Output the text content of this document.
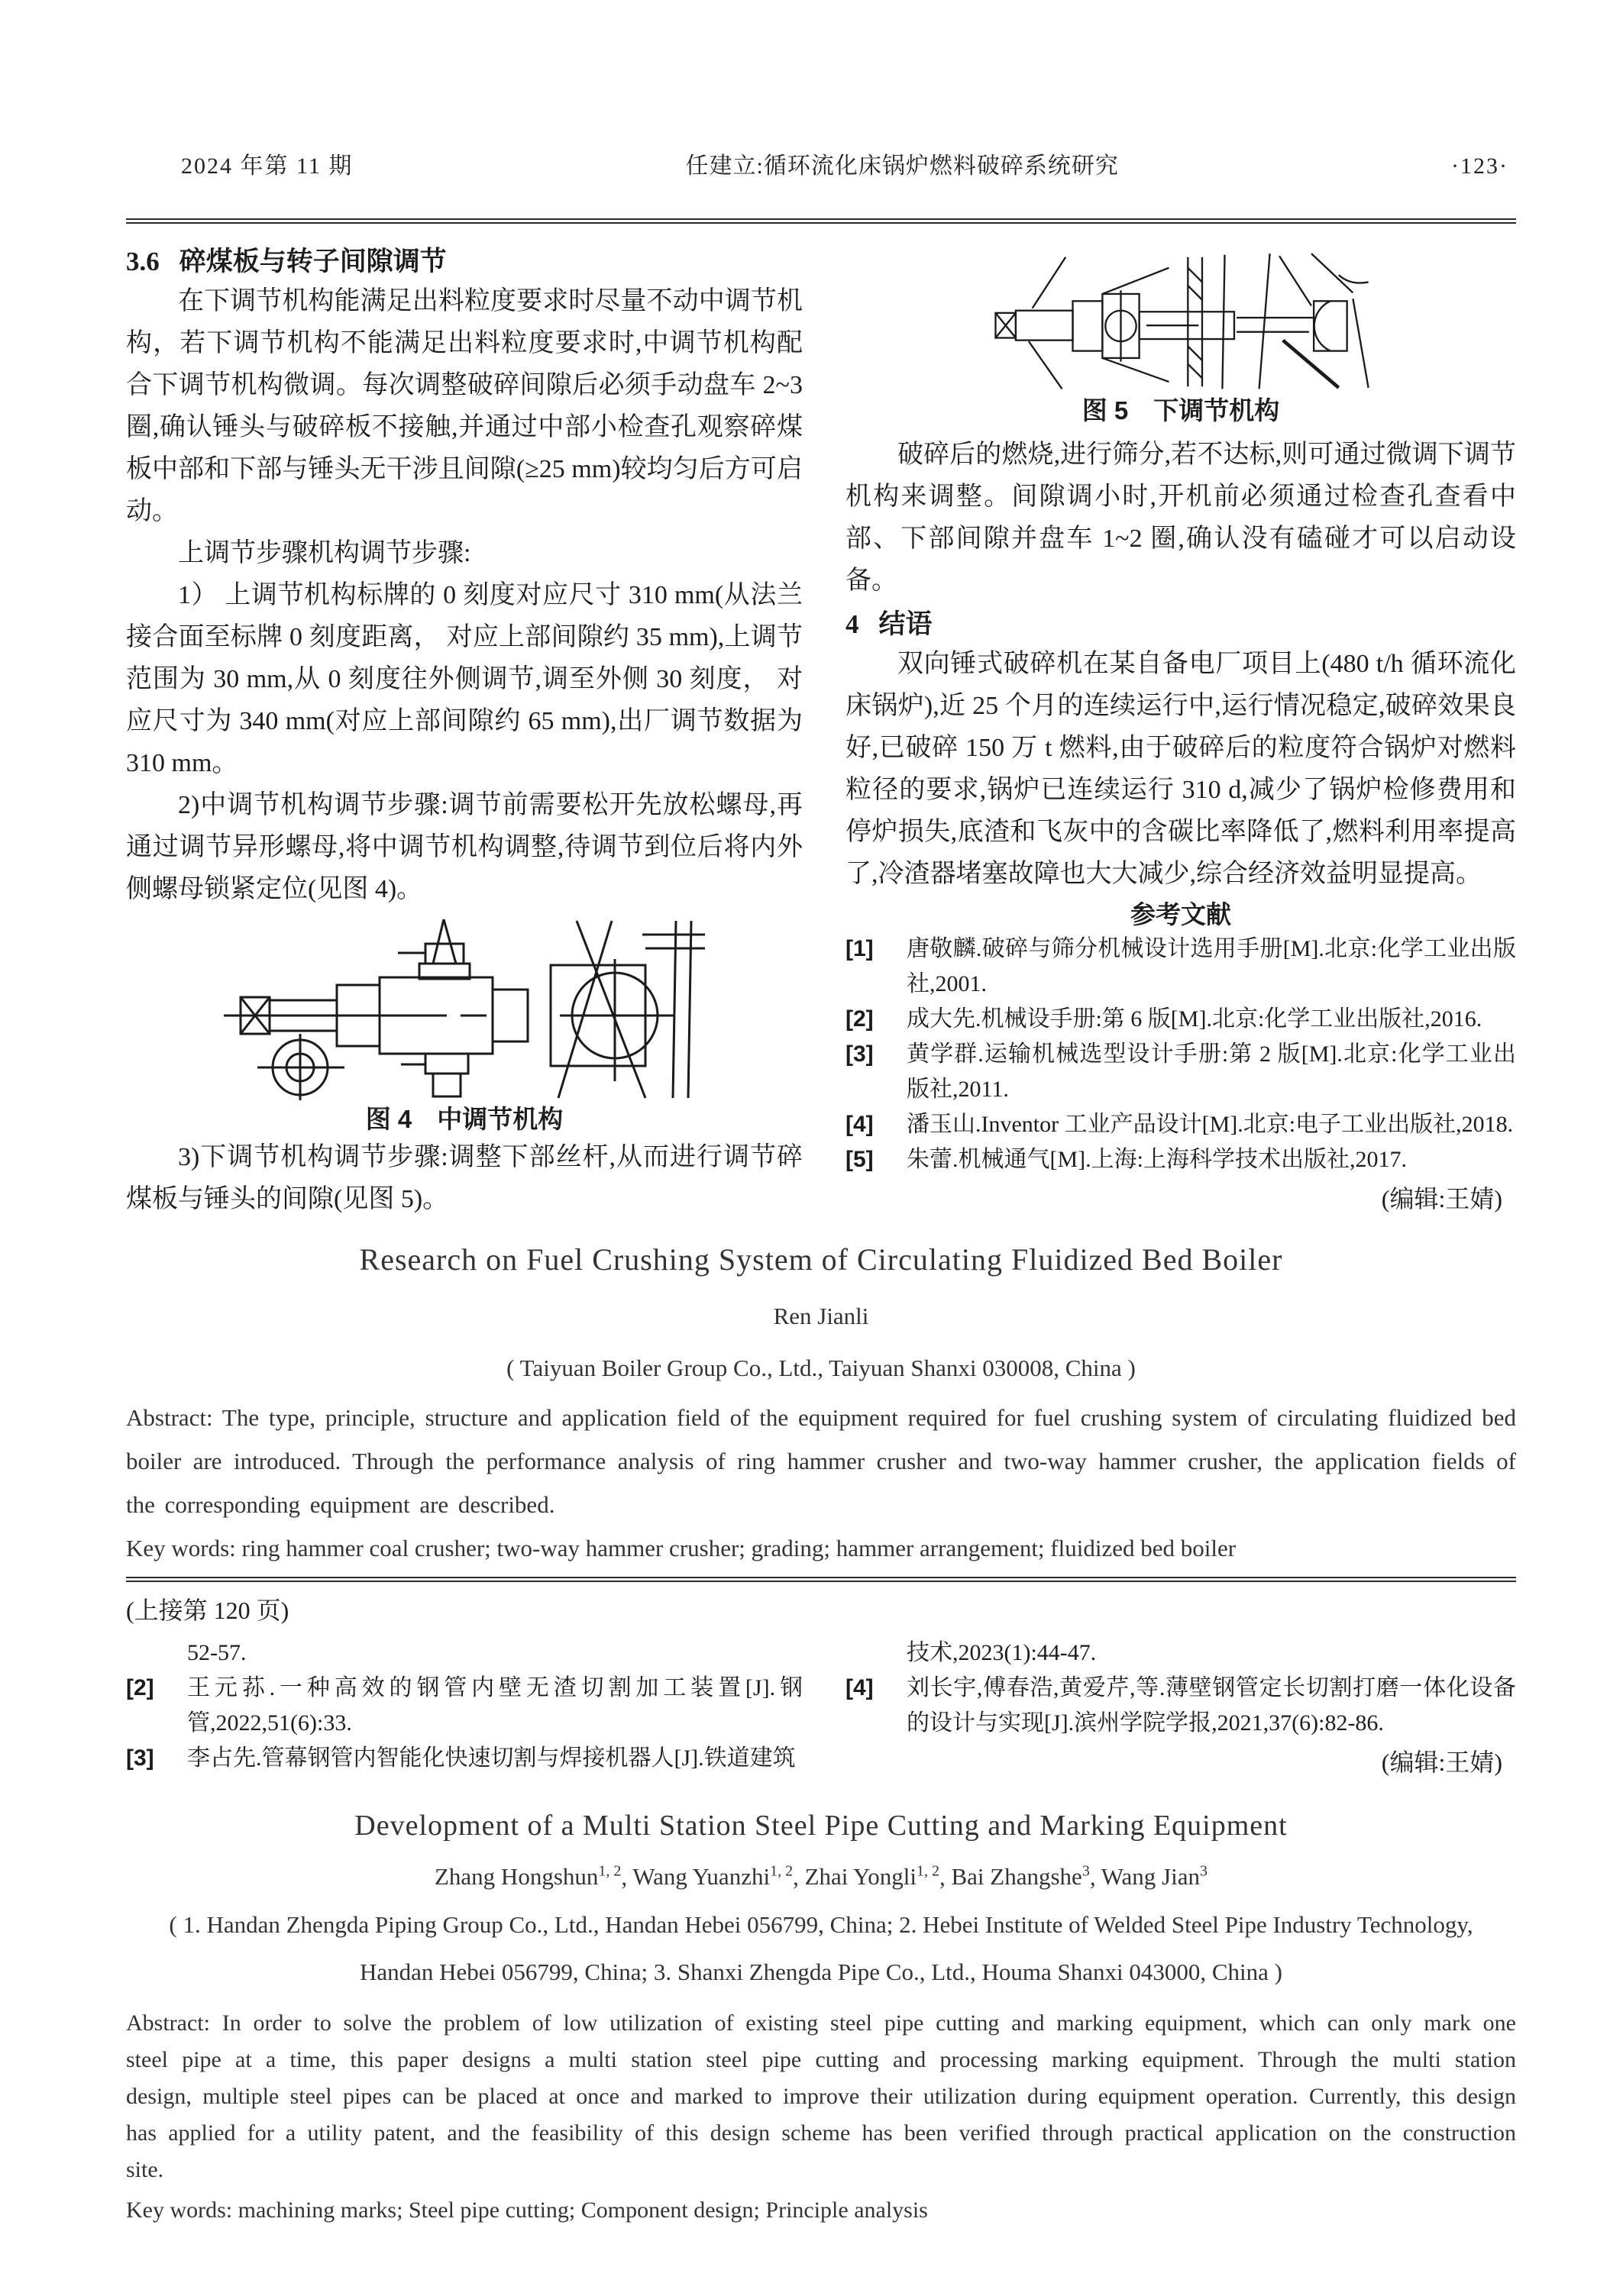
2024 年第 11 期	任建立:循环流化床锅炉燃料破碎系统研究	·123·
3.6 碎煤板与转子间隙调节

在下调节机构能满足出料粒度要求时尽量不动中调节机构，若下调节机构不能满足出料粒度要求时,中调节机构配合下调节机构微调。每次调整破碎间隙后必须手动盘车 2~3 圈,确认锤头与破碎板不接触,并通过中部小检查孔观察碎煤板中部和下部与锤头无干涉且间隙(≥25 mm)较均匀后方可启动。

上调节步骤机构调节步骤:

1） 上调节机构标牌的 0 刻度对应尺寸 310 mm(从法兰接合面至标牌 0 刻度距离， 对应上部间隙约 35 mm),上调节范围为 30 mm,从 0 刻度往外侧调节,调至外侧 30 刻度， 对应尺寸为 340 mm(对应上部间隙约 65 mm),出厂调节数据为 310 mm。

2)中调节机构调节步骤:调节前需要松开先放松螺母,再通过调节异形螺母,将中调节机构调整,待调节到位后将内外侧螺母锁紧定位(见图 4)。

图 4　中调节机构

3)下调节机构调节步骤:调整下部丝杆,从而进行调节碎煤板与锤头的间隙(见图 5)。

图 5　下调节机构

破碎后的燃烧,进行筛分,若不达标,则可通过微调下调节机构来调整。间隙调小时,开机前必须通过检查孔查看中部、下部间隙并盘车 1~2 圈,确认没有磕碰才可以启动设备。

4 结语

双向锤式破碎机在某自备电厂项目上(480 t/h 循环流化床锅炉),近 25 个月的连续运行中,运行情况稳定,破碎效果良好,已破碎 150 万 t 燃料,由于破碎后的粒度符合锅炉对燃料粒径的要求,锅炉已连续运行 310 d,减少了锅炉检修费用和停炉损失,底渣和飞灰中的含碳比率降低了,燃料利用率提高了,冷渣器堵塞故障也大大减少,综合经济效益明显提高。

参考文献

[1] 唐敬麟.破碎与筛分机械设计选用手册[M].北京:化学工业出版社,2001.

[2] 成大先.机械设手册:第 6 版[M].北京:化学工业出版社,2016.

[3] 黄学群.运输机械选型设计手册:第 2 版[M].北京:化学工业出版社,2011.

[4] 潘玉山.Inventor 工业产品设计[M].北京:电子工业出版社,2018.

[5] 朱蕾.机械通气[M].上海:上海科学技术出版社,2017.

(编辑:王婧)
Research on Fuel Crushing System of Circulating Fluidized Bed Boiler
Ren Jianli
( Taiyuan Boiler Group Co., Ltd., Taiyuan Shanxi 030008, China )
Abstract: The type, principle, structure and application field of the equipment required for fuel crushing system of circulating fluidized bed boiler are introduced. Through the performance analysis of ring hammer crusher and two-way hammer crusher, the application fields of the corresponding equipment are described.
Key words: ring hammer coal crusher; two-way hammer crusher; grading; hammer arrangement; fluidized bed boiler
(上接第 120 页)

52-57.

[2] 王元荪.一种高效的钢管内壁无渣切割加工装置[J].钢管,2022,51(6):33.

[3] 李占先.管幕钢管内智能化快速切割与焊接机器人[J].铁道建筑

技术,2023(1):44-47.

[4] 刘长宇,傅春浩,黄爱芹,等.薄壁钢管定长切割打磨一体化设备的设计与实现[J].滨州学院学报,2021,37(6):82-86.

(编辑:王婧)
Development of a Multi Station Steel Pipe Cutting and Marking Equipment
Zhang Hongshun$^{1, 2}$, Wang Yuanzhi$^{1, 2}$, Zhai Yongli$^{1, 2}$, Bai Zhangshe$^3$, Wang Jian$^3$
( 1. Handan Zhengda Piping Group Co., Ltd., Handan Hebei 056799, China; 2. Hebei Institute of Welded Steel Pipe Industry Technology, Handan Hebei 056799, China; 3. Shanxi Zhengda Pipe Co., Ltd., Houma Shanxi 043000, China )
Abstract: In order to solve the problem of low utilization of existing steel pipe cutting and marking equipment, which can only mark one steel pipe at a time, this paper designs a multi station steel pipe cutting and processing marking equipment. Through the multi station design, multiple steel pipes can be placed at once and marked to improve their utilization during equipment operation. Currently, this design has applied for a utility patent, and the feasibility of this design scheme has been verified through practical application on the construction site.
Key words: machining marks; Steel pipe cutting; Component design; Principle analysis
